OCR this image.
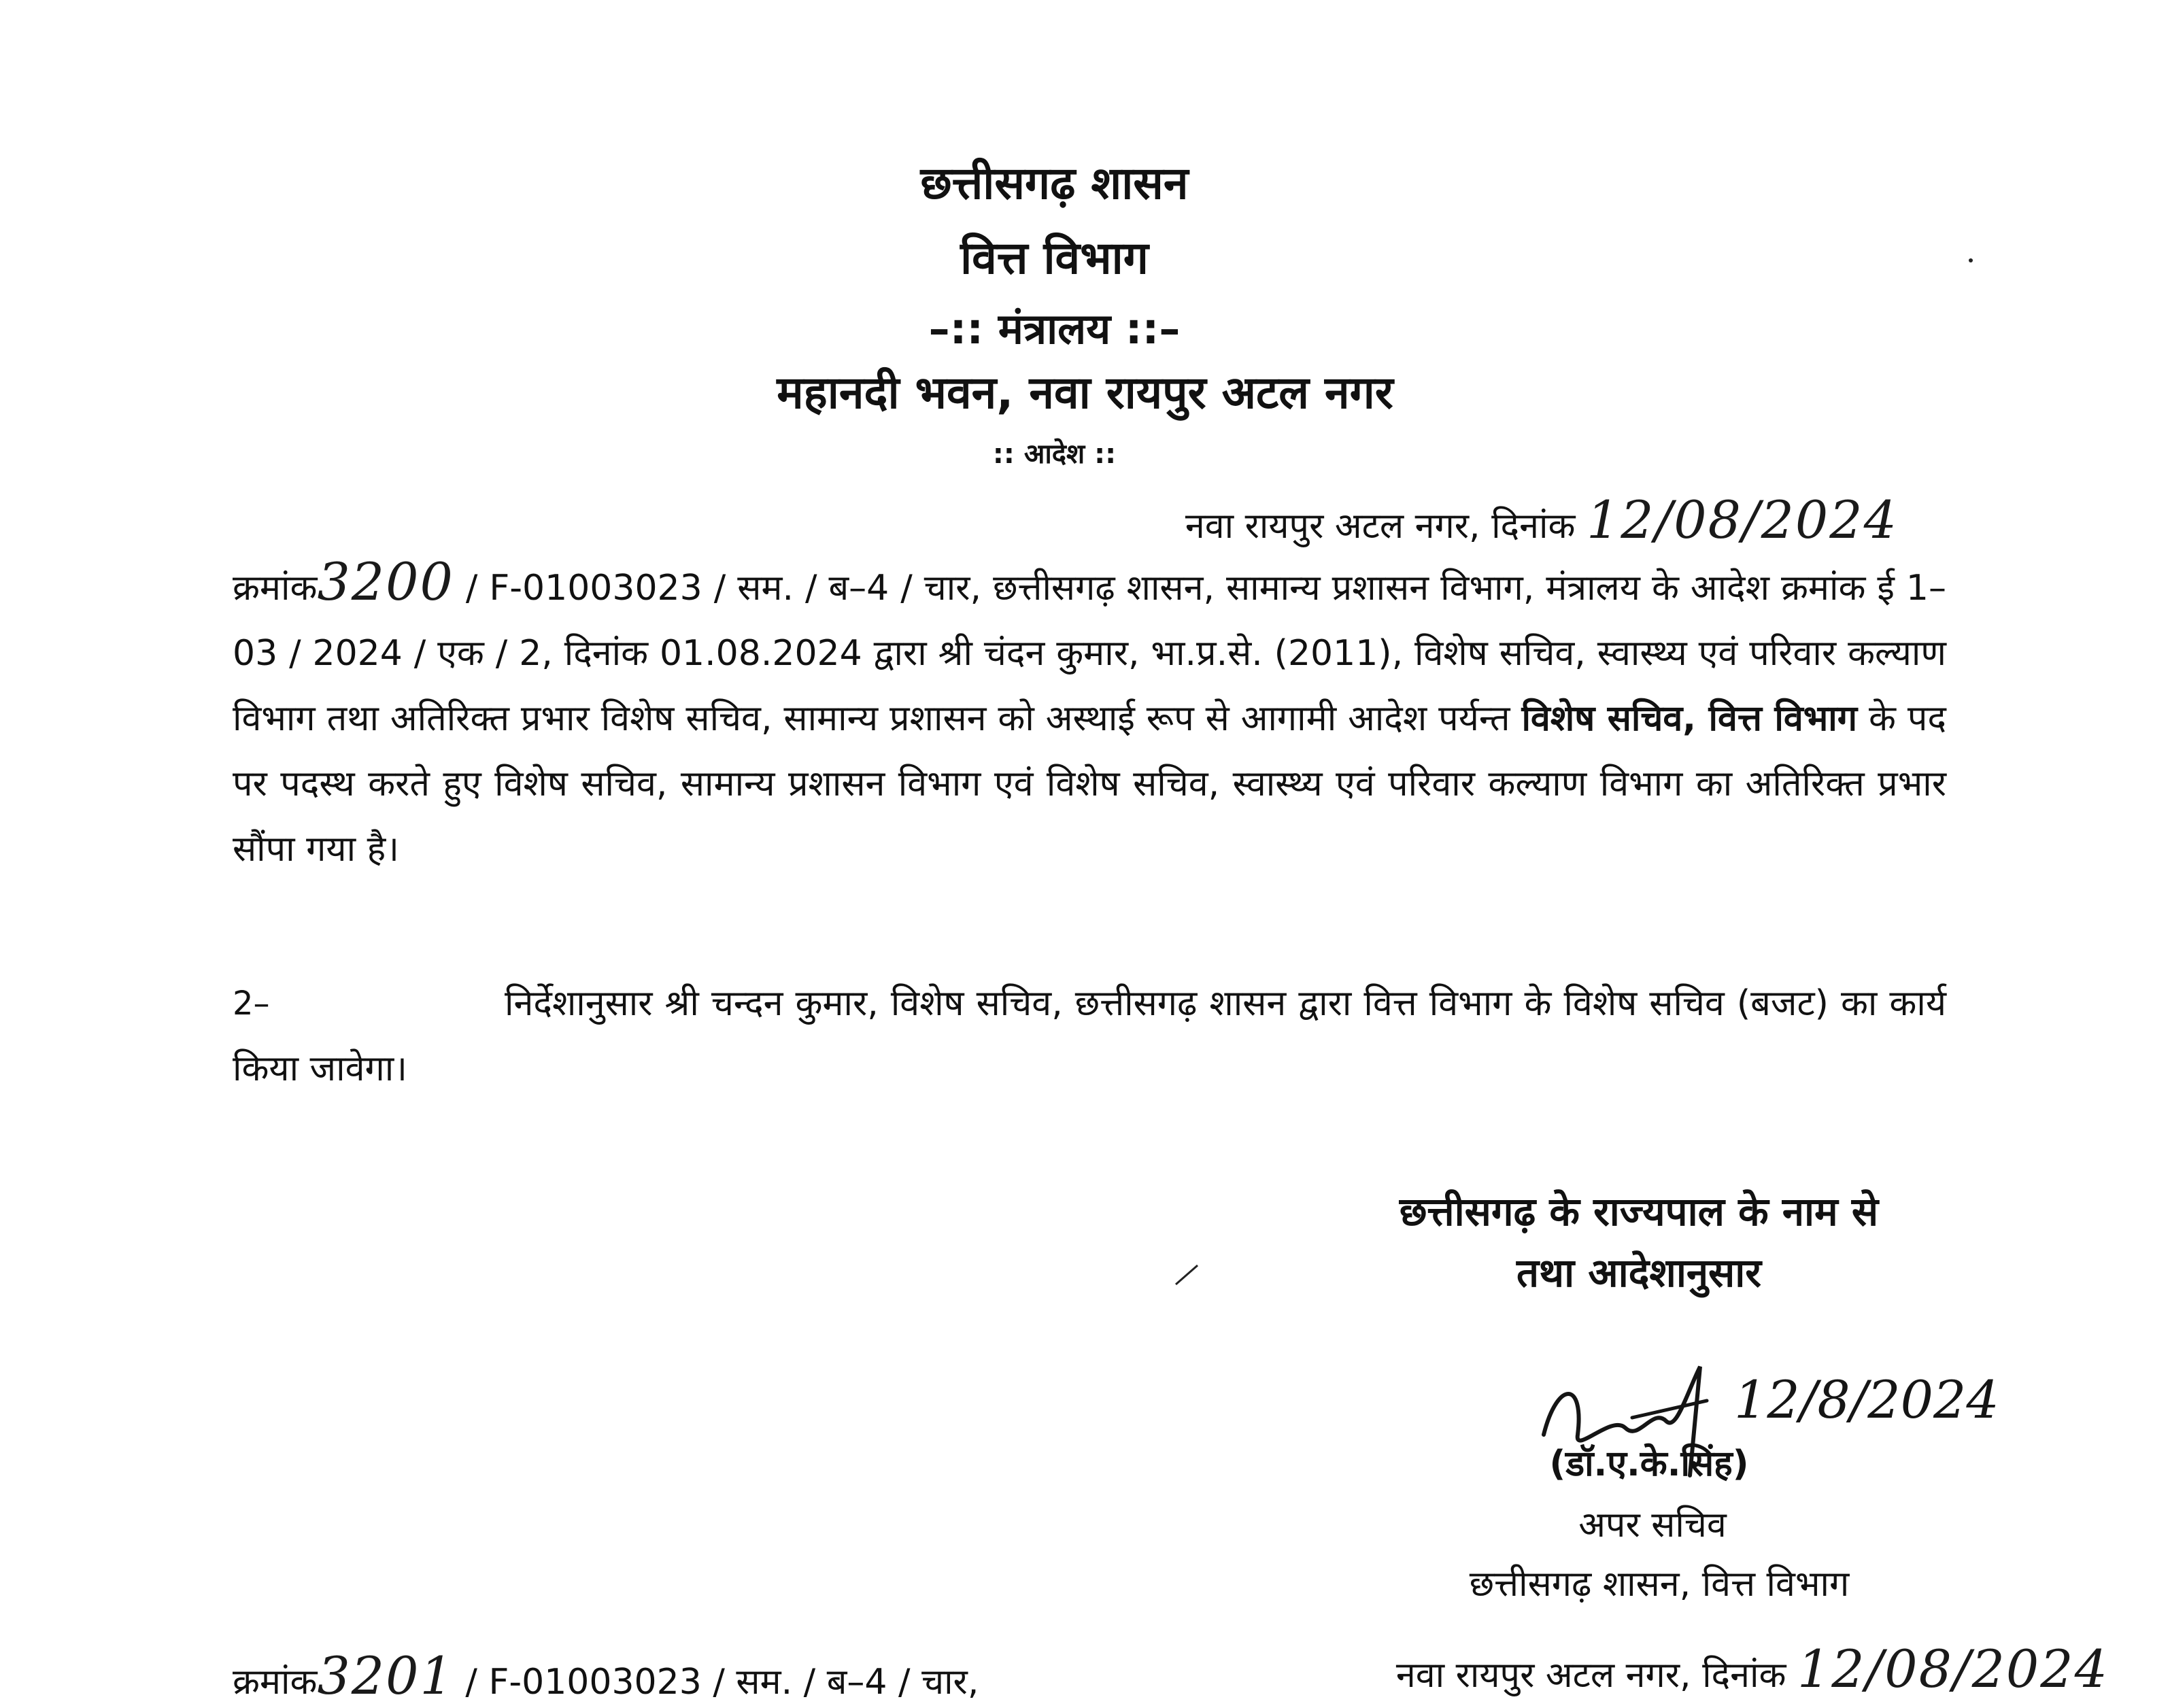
छत्तीसगढ़ शासन
वित्त विभाग
–:: मंत्रालय ::–
महानदी भवन, नवा रायपुर अटल नगर
:: आदेश ::
नवा रायपुर अटल नगर, दिनांक 12/08/2024
क्रमांक3200 / F-01003023 / सम. / ब–4 / चार, छत्तीसगढ़ शासन, सामान्य प्रशासन विभाग, मंत्रालय के आदेश क्रमांक ई 1–03 / 2024 / एक / 2, दिनांक 01.08.2024 द्वारा श्री चंदन कुमार, भा.प्र.से. (2011), विशेष सचिव, स्वास्थ्य एवं परिवार कल्याण विभाग तथा अतिरिक्त प्रभार विशेष सचिव, सामान्य प्रशासन को अस्थाई रूप से आगामी आदेश पर्यन्त विशेष सचिव, वित्त विभाग के पद पर पदस्थ करते हुए विशेष सचिव, सामान्य प्रशासन विभाग एवं विशेष सचिव, स्वास्थ्य एवं परिवार कल्याण विभाग का अतिरिक्त प्रभार सौंपा गया है।
2–	निर्देशानुसार श्री चन्दन कुमार, विशेष सचिव, छत्तीसगढ़ शासन द्वारा वित्त विभाग के विशेष सचिव (बजट) का कार्य किया जावेगा।
छत्तीसगढ़ के राज्यपाल के नाम से
तथा आदेशानुसार
12/8/2024
(डॉ.ए.के.सिंह)
अपर सचिव
छत्तीसगढ़ शासन, वित्त विभाग
क्रमांक3201 / F-01003023 / सम. / ब–4 / चार,	नवा रायपुर अटल नगर, दिनांक 12/08/2024
